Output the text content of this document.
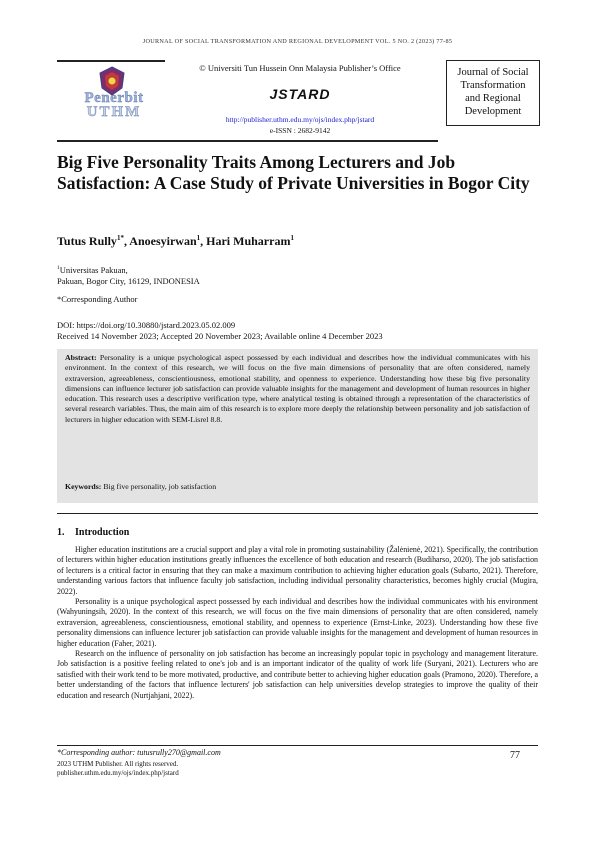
JOURNAL OF SOCIAL TRANSFORMATION AND REGIONAL DEVELOPMENT VOL. 5 NO. 2 (2023) 77-85
Penerbit
UTHM
© Universiti Tun Hussein Onn Malaysia Publisher’s Office
JSTARD
http://publisher.uthm.edu.my/ojs/index.php/jstard
e-ISSN : 2682-9142
Journal of Social
Transformation
and Regional
Development
Big Five Personality Traits Among Lecturers and Job Satisfaction: A Case Study of Private Universities in Bogor City
Tutus Rully$^{1*}$, Anoesyirwan$^1$, Hari Muharram$^1$
$^1$Universitas Pakuan,
Pakuan, Bogor City, 16129, INDONESIA
*Corresponding Author
DOI: https://doi.org/10.30880/jstard.2023.05.02.009
Received 14 November 2023; Accepted 20 November 2023; Available online 4 December 2023
Abstract: Personality is a unique psychological aspect possessed by each individual and describes how the individual communicates with his environment. In the context of this research, we will focus on the five main dimensions of personality that are often considered, namely extraversion, agreeableness, conscientiousness, emotional stability, and openness to experience. Understanding how these big five personality dimensions can influence lecturer job satisfaction can provide valuable insights for the management and development of human resources in higher education. This research uses a descriptive verification type, where analytical testing is obtained through a representation of the characteristics of several research variables. Thus, the main aim of this research is to explore more deeply the relationship between personality and job satisfaction of lecturers in higher education with SEM-Lisrel 8.8.
Keywords: Big five personality, job satisfaction
1. Introduction

Higher education institutions are a crucial support and play a vital role in promoting sustainability (Žalėnienė, 2021). Specifically, the contribution of lecturers within higher education institutions greatly influences the excellence of both education and research (Budiharso, 2020). The job satisfaction of lecturers is a critical factor in ensuring that they can make a maximum contribution to achieving higher education goals (Subarto, 2021). Therefore, understanding various factors that influence faculty job satisfaction, including individual personality characteristics, becomes highly crucial (Mugira, 2022).

Personality is a unique psychological aspect possessed by each individual and describes how the individual communicates with his environment (Wahyuningsih, 2020). In the context of this research, we will focus on the five main dimensions of personality that are often considered, namely extraversion, agreeableness, conscientiousness, emotional stability, and openness to experience (Ernst-Linke, 2023). Understanding how these five personality dimensions can influence lecturer job satisfaction can provide valuable insights for the management and development of human resources in higher education (Faher, 2021).

Research on the influence of personality on job satisfaction has become an increasingly popular topic in psychology and management literature. Job satisfaction is a positive feeling related to one's job and is an important indicator of the quality of work life (Suryani, 2021). Lecturers who are satisfied with their work tend to be more motivated, productive, and contribute better to achieving higher education goals (Pramono, 2020). Therefore, a better understanding of the factors that influence lecturers' job satisfaction can help universities develop strategies to improve the quality of their education and research (Nurtjahjani, 2022).

*Corresponding author: tutusrully270@gmail.com
2023 UTHM Publisher. All rights reserved.
publisher.uthm.edu.my/ojs/index.php/jstard
77
